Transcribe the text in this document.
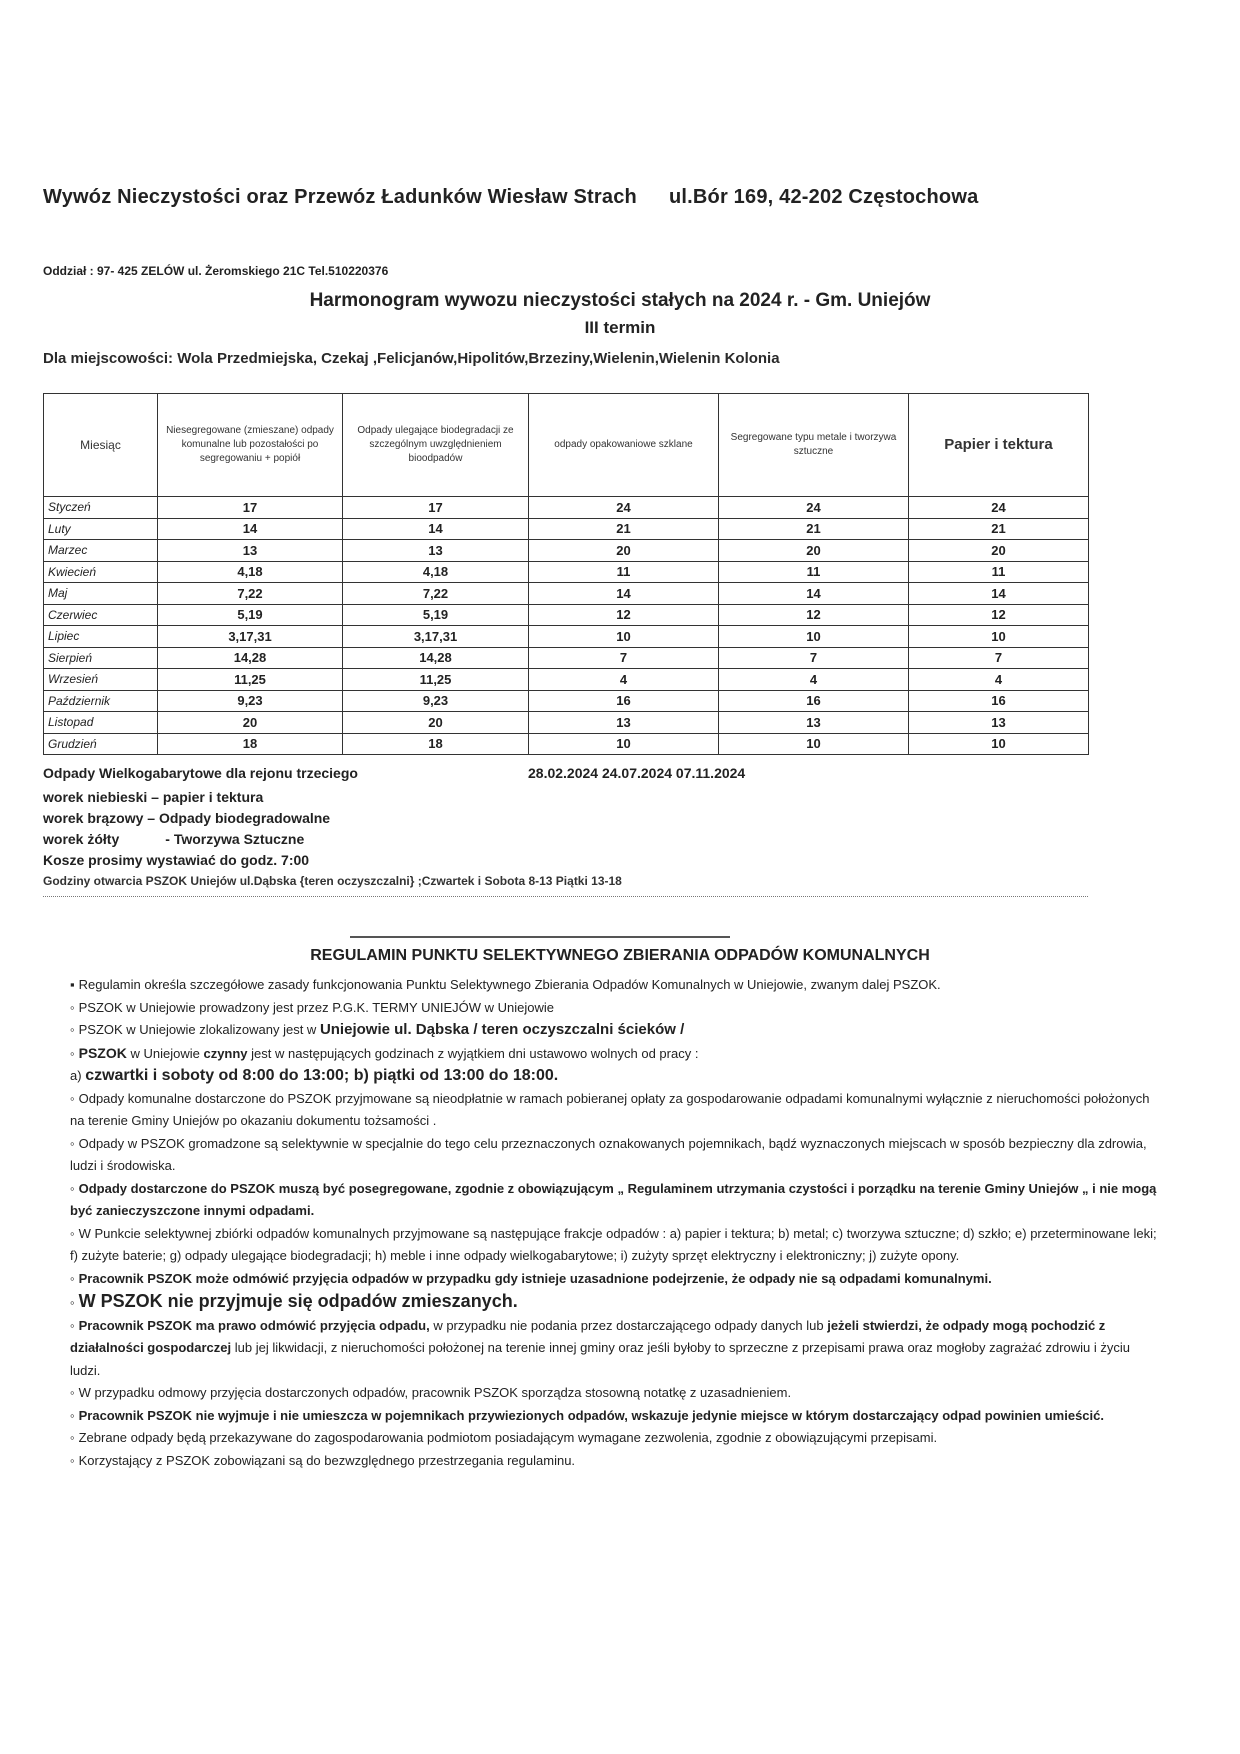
Wywóz Nieczystości oraz Przewóz Ładunków Wiesław Strach ul.Bór 169, 42-202 Częstochowa
Oddział : 97- 425 ZELÓW ul. Żeromskiego 21C Tel.510220376
Harmonogram wywozu nieczystości stałych na 2024 r. - Gm. Uniejów
III termin
Dla miejscowości: Wola Przedmiejska, Czekaj ,Felicjanów,Hipolitów,Brzeziny,Wielenin,Wielenin Kolonia
Miesiąc	Niesegregowane (zmieszane) odpady komunalne lub pozostałości po segregowaniu + popiół	Odpady ulegające biodegradacji ze szczególnym uwzględnieniem bioodpadów	odpady opakowaniowe szklane	Segregowane typu metale i tworzywa sztuczne	Papier i tektura
Styczeń	17	17	24	24	24
Luty	14	14	21	21	21
Marzec	13	13	20	20	20
Kwiecień	4,18	4,18	11	11	11
Maj	7,22	7,22	14	14	14
Czerwiec	5,19	5,19	12	12	12
Lipiec	3,17,31	3,17,31	10	10	10
Sierpień	14,28	14,28	7	7	7
Wrzesień	11,25	11,25	4	4	4
Październik	9,23	9,23	16	16	16
Listopad	20	20	13	13	13
Grudzień	18	18	10	10	10
Odpady Wielkogabarytowe dla rejonu trzeciego	28.02.2024 24.07.2024 07.11.2024
worek niebieski – papier i tektura
worek brązowy – Odpady biodegradowalne
worek żółty	- Tworzywa Sztuczne
Kosze prosimy wystawiać do godz. 7:00
Godziny otwarcia PSZOK Uniejów ul.Dąbska {teren oczyszczalni} ;Czwartek i Sobota 8-13 Piątki 13-18
REGULAMIN PUNKTU SELEKTYWNEGO ZBIERANIA ODPADÓW KOMUNALNYCH

▪ Regulamin określa szczegółowe zasady funkcjonowania Punktu Selektywnego Zbierania Odpadów Komunalnych w Uniejowie, zwanym dalej PSZOK.

◦ PSZOK w Uniejowie prowadzony jest przez P.G.K. TERMY UNIEJÓW w Uniejowie

◦ PSZOK w Uniejowie zlokalizowany jest w Uniejowie ul. Dąbska / teren oczyszczalni ścieków /

◦ PSZOK w Uniejowie czynny jest w następujących godzinach z wyjątkiem dni ustawowo wolnych od pracy :

a) czwartki i soboty od 8:00 do 13:00; b) piątki od 13:00 do 18:00.

◦ Odpady komunalne dostarczone do PSZOK przyjmowane są nieodpłatnie w ramach pobieranej opłaty za gospodarowanie odpadami komunalnymi wyłącznie z nieruchomości położonych na terenie Gminy Uniejów po okazaniu dokumentu tożsamości .

◦ Odpady w PSZOK gromadzone są selektywnie w specjalnie do tego celu przeznaczonych oznakowanych pojemnikach, bądź wyznaczonych miejscach w sposób bezpieczny dla zdrowia, ludzi i środowiska.

◦ Odpady dostarczone do PSZOK muszą być posegregowane, zgodnie z obowiązującym „ Regulaminem utrzymania czystości i porządku na terenie Gminy Uniejów „ i nie mogą być zanieczyszczone innymi odpadami.

◦ W Punkcie selektywnej zbiórki odpadów komunalnych przyjmowane są następujące frakcje odpadów : a) papier i tektura; b) metal; c) tworzywa sztuczne; d) szkło; e) przeterminowane leki; f) zużyte baterie; g) odpady ulegające biodegradacji; h) meble i inne odpady wielkogabarytowe; i) zużyty sprzęt elektryczny i elektroniczny; j) zużyte opony.

◦ Pracownik PSZOK może odmówić przyjęcia odpadów w przypadku gdy istnieje uzasadnione podejrzenie, że odpady nie są odpadami komunalnymi.

◦ W PSZOK nie przyjmuje się odpadów zmieszanych.

◦ Pracownik PSZOK ma prawo odmówić przyjęcia odpadu, w przypadku nie podania przez dostarczającego odpady danych lub jeżeli stwierdzi, że odpady mogą pochodzić z działalności gospodarczej lub jej likwidacji, z nieruchomości położonej na terenie innej gminy oraz jeśli byłoby to sprzeczne z przepisami prawa oraz mogłoby zagrażać zdrowiu i życiu ludzi.

◦ W przypadku odmowy przyjęcia dostarczonych odpadów, pracownik PSZOK sporządza stosowną notatkę z uzasadnieniem.

◦ Pracownik PSZOK nie wyjmuje i nie umieszcza w pojemnikach przywiezionych odpadów, wskazuje jedynie miejsce w którym dostarczający odpad powinien umieścić.

◦ Zebrane odpady będą przekazywane do zagospodarowania podmiotom posiadającym wymagane zezwolenia, zgodnie z obowiązującymi przepisami.

◦ Korzystający z PSZOK zobowiązani są do bezwzględnego przestrzegania regulaminu.
